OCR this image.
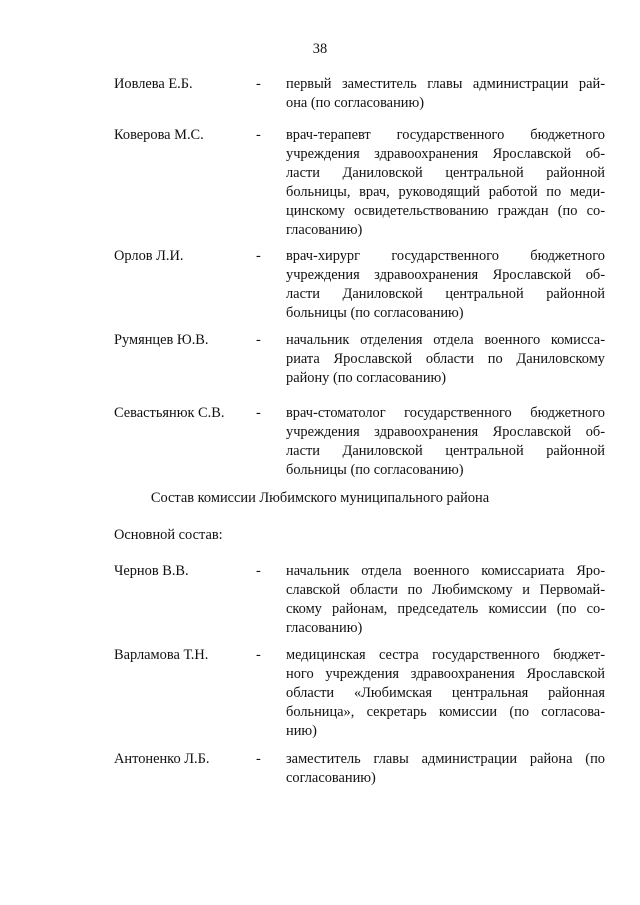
38
Иовлева Е.Б.	- первый заместитель главы администрации рай-
она (по согласованию)
Коверова М.С.	- врач-терапевт государственного бюджетного
учреждения здравоохранения Ярославской об-
ласти Даниловской центральной районной
больницы, врач, руководящий работой по меди-
цинскому освидетельствованию граждан (по со-
гласованию)
Орлов Л.И.	- врач-хирург государственного бюджетного
учреждения здравоохранения Ярославской об-
ласти Даниловской центральной районной
больницы (по согласованию)
Румянцев Ю.В.	- начальник отделения отдела военного комисса-
риата Ярославской области по Даниловскому
району (по согласованию)
Севастьянюк С.В. - врач-стоматолог государственного бюджетного
учреждения здравоохранения Ярославской об-
ласти Даниловской центральной районной
больницы (по согласованию)
Состав комиссии Любимского муниципального района
Основной состав:
Чернов В.В.	- начальник отдела военного комиссариата Яро-
славской области по Любимскому и Первомай-
скому районам, председатель комиссии (по со-
гласованию)
Варламова Т.Н.	- медицинская сестра государственного бюджет-
ного учреждения здравоохранения Ярославской
области «Любимская центральная районная
больница», секретарь комиссии (по согласова-
нию)
Антоненко Л.Б.	- заместитель главы администрации района (по
согласованию)
